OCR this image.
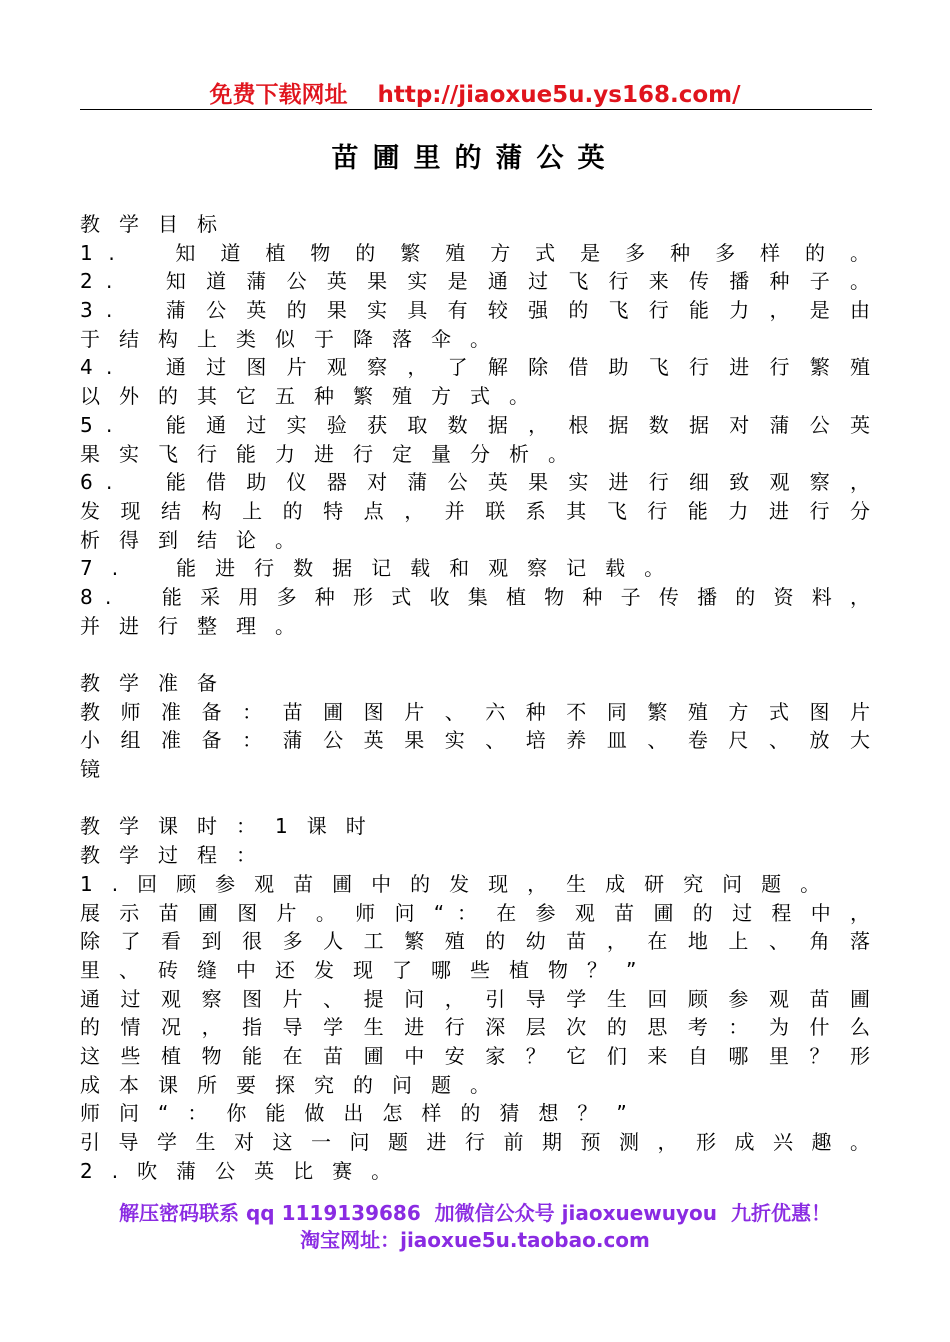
免费下载网址 http://jiaoxue5u.ys168.com/
苗圃里的蒲公英
教学目标
1 . 　 知 道 植 物 的 繁 殖 方 式 是 多 种 多 样 的 。
2 . 　 知 道 蒲 公 英 果 实 是 通 过 飞 行 来 传 播 种 子 。
3 . 　 蒲 公 英 的 果 实 具 有 较 强 的 飞 行 能 力 ， 是 由
于结构上类似于降落伞。
4 . 　 通 过 图 片 观 察 ， 了 解 除 借 助 飞 行 进 行 繁 殖
以外的其它五种繁殖方式。
5 . 　 能 通 过 实 验 获 取 数 据 ， 根 据 数 据 对 蒲 公 英
果实飞行能力进行定量分析。
6 . 　 能 借 助 仪 器 对 蒲 公 英 果 实 进 行 细 致 观 察 ，
发 现 结 构 上 的 特 点 ， 并 联 系 其 飞 行 能 力 进 行 分
析得到结论。
7.　能进行数据记载和观察记载。
8 . 　 能 采 用 多 种 形 式 收 集 植 物 种 子 传 播 的 资 料 ，
并进行整理。
教学准备
教 师 准 备 ： 苗 圃 图 片 、 六 种 不 同 繁 殖 方 式 图 片
小 组 准 备 ： 蒲 公 英 果 实 、 培 养 皿 、 卷 尺 、 放 大
镜
教学课时：1课时
教学过程：
1.回顾参观苗圃中的发现，生成研究问题。
展 示 苗 圃 图 片 。 师 问 “ ： 在 参 观 苗 圃 的 过 程 中 ，
除 了 看 到 很 多 人 工 繁 殖 的 幼 苗 ， 在 地 上 、 角 落
里、砖缝中还发现了哪些植物？”
通 过 观 察 图 片 、 提 问 ， 引 导 学 生 回 顾 参 观 苗 圃
的 情 况 ， 指 导 学 生 进 行 深 层 次 的 思 考 ： 为 什 么
这 些 植 物 能 在 苗 圃 中 安 家 ？ 它 们 来 自 哪 里 ？ 形
成本课所要探究的问题。
师问“：你能做出怎样的猜想？”
引 导 学 生 对 这 一 问 题 进 行 前 期 预 测 ， 形 成 兴 趣 。
2.吹蒲公英比赛。
解压密码联系 qq 1119139686  加微信公众号 jiaoxuewuyou  九折优惠！
淘宝网址：jiaoxue5u.taobao.com
